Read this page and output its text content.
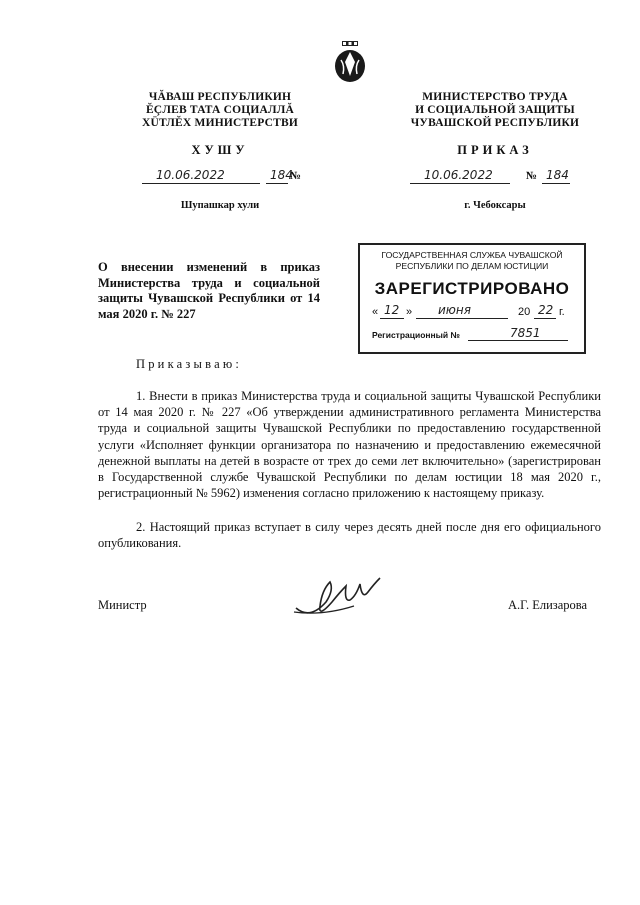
ЧĂВАШ РЕСПУБЛИКИН
ĔÇЛЕВ ТАТА СОЦИАЛЛĂ
ХÜТЛĔХ МИНИСТЕРСТВИ
ХУШУ
10.06.2022	184
№
Шупашкар хули
МИНИСТЕРСТВО ТРУДА
И СОЦИАЛЬНОЙ ЗАЩИТЫ
ЧУВАШСКОЙ РЕСПУБЛИКИ
ПРИКАЗ
10.06.2022	№ 184
г. Чебоксары
О внесении изменений в приказ Министерства труда и социальной защиты Чувашской Республики от 14 мая 2020 г. № 227
ГОСУДАРСТВЕННАЯ СЛУЖБА ЧУВАШСКОЙ
РЕСПУБЛИКИ ПО ДЕЛАМ ЮСТИЦИИ
ЗАРЕГИСТРИРОВАНО
« 12 » июня	20 22 г.
Регистрационный №	7851
Приказываю:
1. Внести в приказ Министерства труда и социальной защиты Чувашской Республики от 14 мая 2020 г. № 227 «Об утверждении административного регламента Министерства труда и социальной защиты Чувашской Республики по предоставлению государственной услуги «Исполняет функции организатора по назначению и предоставлению ежемесячной денежной выплаты на детей в возрасте от трех до семи лет включительно» (зарегистрирован в Государственной службе Чувашской Республики по делам юстиции 18 мая 2020 г., регистрационный № 5962) изменения согласно приложению к настоящему приказу.
2. Настоящий приказ вступает в силу через десять дней после дня его официального опубликования.
Министр	А.Г. Елизарова
